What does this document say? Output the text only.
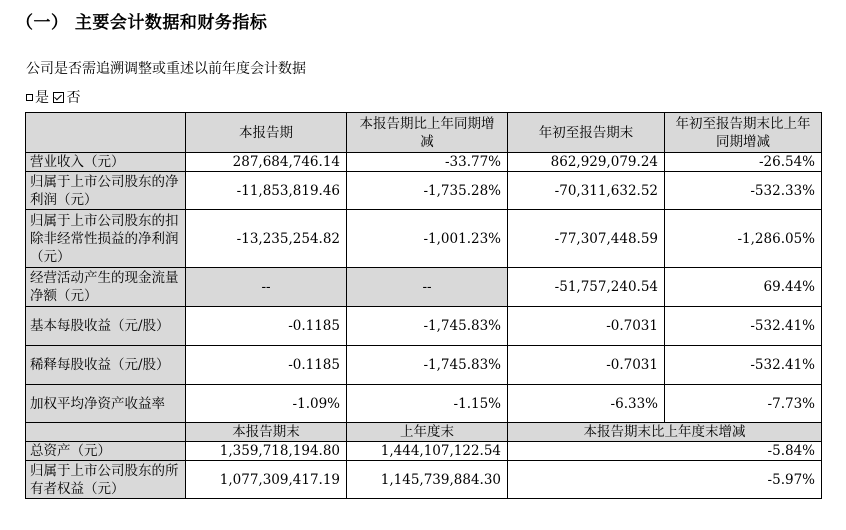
（一） 主要会计数据和财务指标
公司是否需追溯调整或重述以前年度会计数据
是 否
	本报告期	本报告期比上年同期增减	年初至报告期末	年初至报告期末比上年同期增减
营业收入（元）	287,684,746.14	-33.77%	862,929,079.24	-26.54%
归属于上市公司股东的净利润（元）	-11,853,819.46	-1,735.28%	-70,311,632.52	-532.33%
归属于上市公司股东的扣除非经常性损益的净利润（元）	-13,235,254.82	-1,001.23%	-77,307,448.59	-1,286.05%
经营活动产生的现金流量净额（元）	--	--	-51,757,240.54	69.44%
基本每股收益（元/股）	-0.1185	-1,745.83%	-0.7031	-532.41%
稀释每股收益（元/股）	-0.1185	-1,745.83%	-0.7031	-532.41%
加权平均净资产收益率	-1.09%	-1.15%	-6.33%	-7.73%
	本报告期末	上年度末	本报告期末比上年度末增减	
总资产（元）	1,359,718,194.80	1,444,107,122.54	-5.84%	
归属于上市公司股东的所有者权益（元）	1,077,309,417.19	1,145,739,884.30	-5.97%	
